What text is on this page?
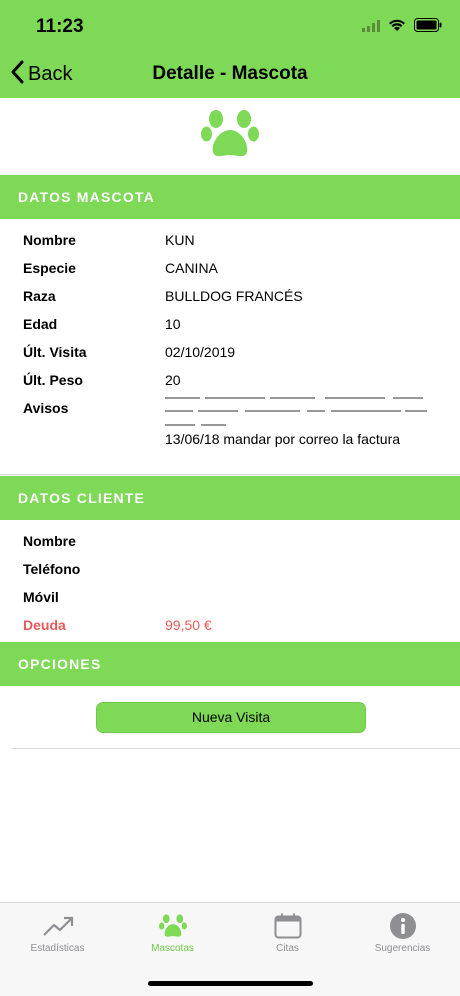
11:23
Back	Detalle - Mascota
DATOS MASCOTA
Nombre	KUN
Especie	CANINA
Raza	BULLDOG FRANCÉS
Edad	10
Últ. Visita	02/10/2019
Últ. Peso	20
Avisos
13/06/18 mandar por correo la factura
DATOS CLIENTE
Nombre
Teléfono
Móvil
Deuda	99,50 €
OPCIONES
Nueva Visita
Estadísticas	Mascotas	Citas	Sugerencias
